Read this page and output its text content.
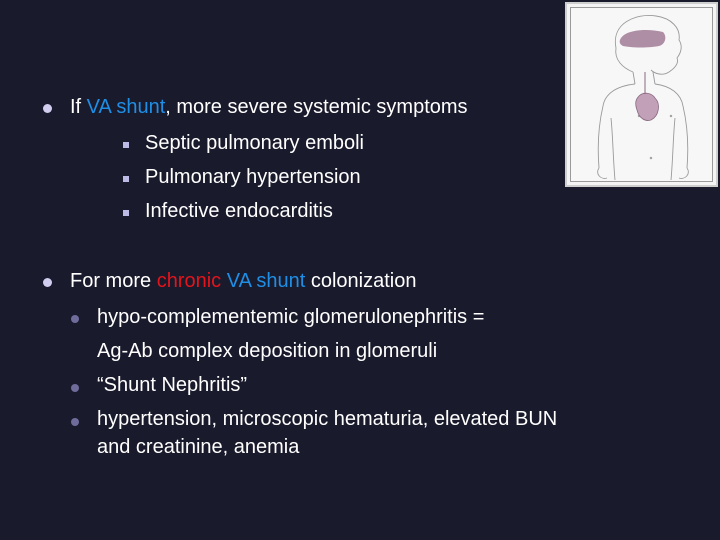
If VA shunt, more severe systemic symptoms
Septic pulmonary emboli
Pulmonary hypertension
Infective endocarditis
For more chronic VA shunt colonization
hypo-complementemic glomerulonephritis =
Ag-Ab complex deposition in glomeruli
“Shunt Nephritis”
hypertension, microscopic hematuria, elevated BUN
and creatinine, anemia
